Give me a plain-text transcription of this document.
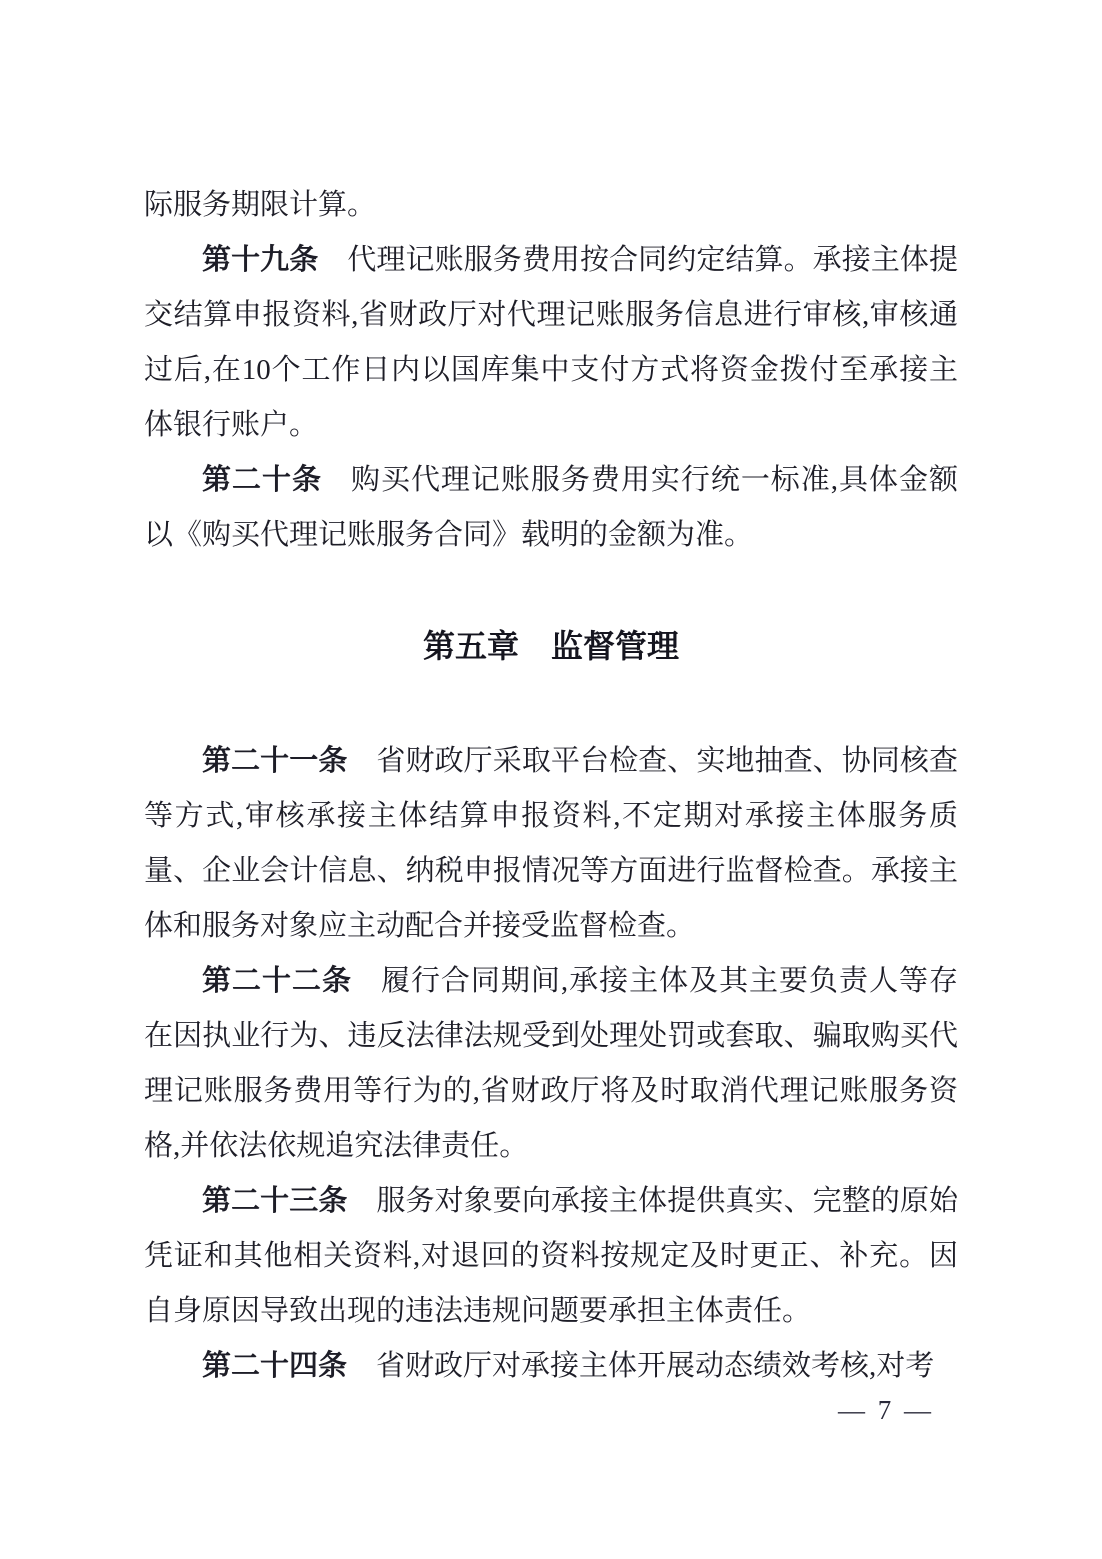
际服务期限计算。

第十九条 代理记账服务费用按合同约定结算。承接主体提交结算申报资料,省财政厅对代理记账服务信息进行审核,审核通过后,在10个工作日内以国库集中支付方式将资金拨付至承接主体银行账户。

第二十条 购买代理记账服务费用实行统一标准,具体金额以《购买代理记账服务合同》载明的金额为准。

第五章　监督管理

第二十一条 省财政厅采取平台检查、实地抽查、协同核查等方式,审核承接主体结算申报资料,不定期对承接主体服务质量、企业会计信息、纳税申报情况等方面进行监督检查。承接主体和服务对象应主动配合并接受监督检查。

第二十二条 履行合同期间,承接主体及其主要负责人等存在因执业行为、违反法律法规受到处理处罚或套取、骗取购买代理记账服务费用等行为的,省财政厅将及时取消代理记账服务资格,并依法依规追究法律责任。

第二十三条 服务对象要向承接主体提供真实、完整的原始凭证和其他相关资料,对退回的资料按规定及时更正、补充。因自身原因导致出现的违法违规问题要承担主体责任。

第二十四条 省财政厅对承接主体开展动态绩效考核,对考

— 7 —
